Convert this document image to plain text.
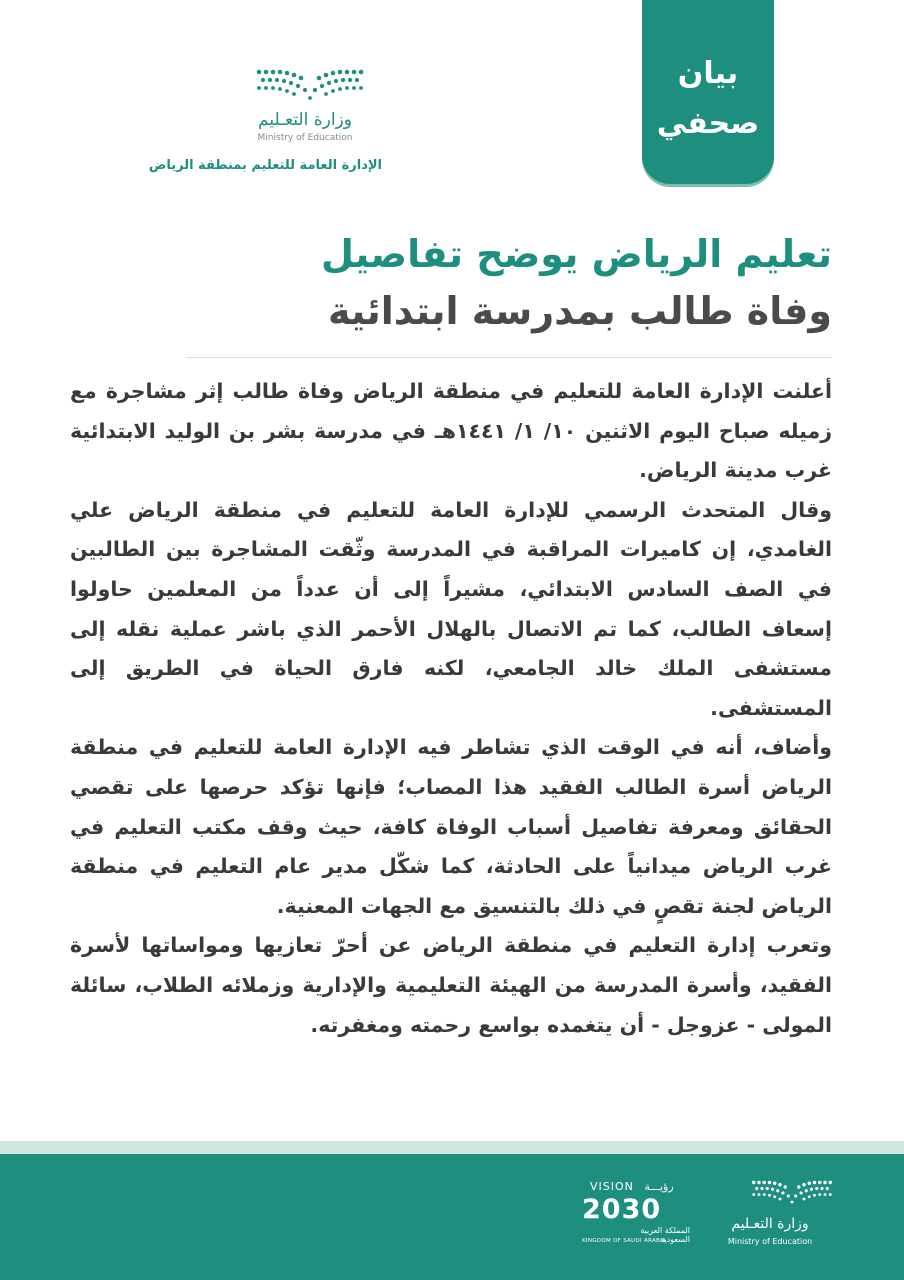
بيان
صحفي
وزارة التعـليم
Ministry of Education
الإدارة العامة للتعليم بمنطقة الرياض
تعليم الرياض يوضح تفاصيل
وفاة طالب بمدرسة ابتدائية

أعلنت الإدارة العامة للتعليم في منطقة الرياض وفاة طالب إثر مشاجرة مع زميله صباح اليوم الاثنين ١٠/ ١/ ١٤٤١هـ في مدرسة بشر بن الوليد الابتدائية غرب مدينة الرياض.

وقال المتحدث الرسمي للإدارة العامة للتعليم في منطقة الرياض علي الغامدي، إن كاميرات المراقبة في المدرسة وثّقت المشاجرة بين الطالبين في الصف السادس الابتدائي، مشيراً إلى أن عدداً من المعلمين حاولوا إسعاف الطالب، كما تم الاتصال بالهلال الأحمر الذي باشر عملية نقله إلى مستشفى الملك خالد الجامعي، لكنه فارق الحياة في الطريق إلى المستشفى.

وأضاف، أنه في الوقت الذي تشاطر فيه الإدارة العامة للتعليم في منطقة الرياض أسرة الطالب الفقيد هذا المصاب؛ فإنها تؤكد حرصها على تقصي الحقائق ومعرفة تفاصيل أسباب الوفاة كافة، حيث وقف مكتب التعليم في غرب الرياض ميدانياً على الحادثة، كما شكّل مدير عام التعليم في منطقة الرياض لجنة تقصٍ في ذلك بالتنسيق مع الجهات المعنية.

وتعرب إدارة التعليم في منطقة الرياض عن أحرّ تعازيها ومواساتها لأسرة الفقيد، وأسرة المدرسة من الهيئة التعليمية والإدارية وزملائه الطلاب، سائلة المولى - عزوجل - أن يتغمده بواسع رحمته ومغفرته.

VISION رؤيـــة
2030
المملكة العربية السعودية
KINGDOM OF SAUDI ARABIA
وزارة التعـليم
Ministry of Education
